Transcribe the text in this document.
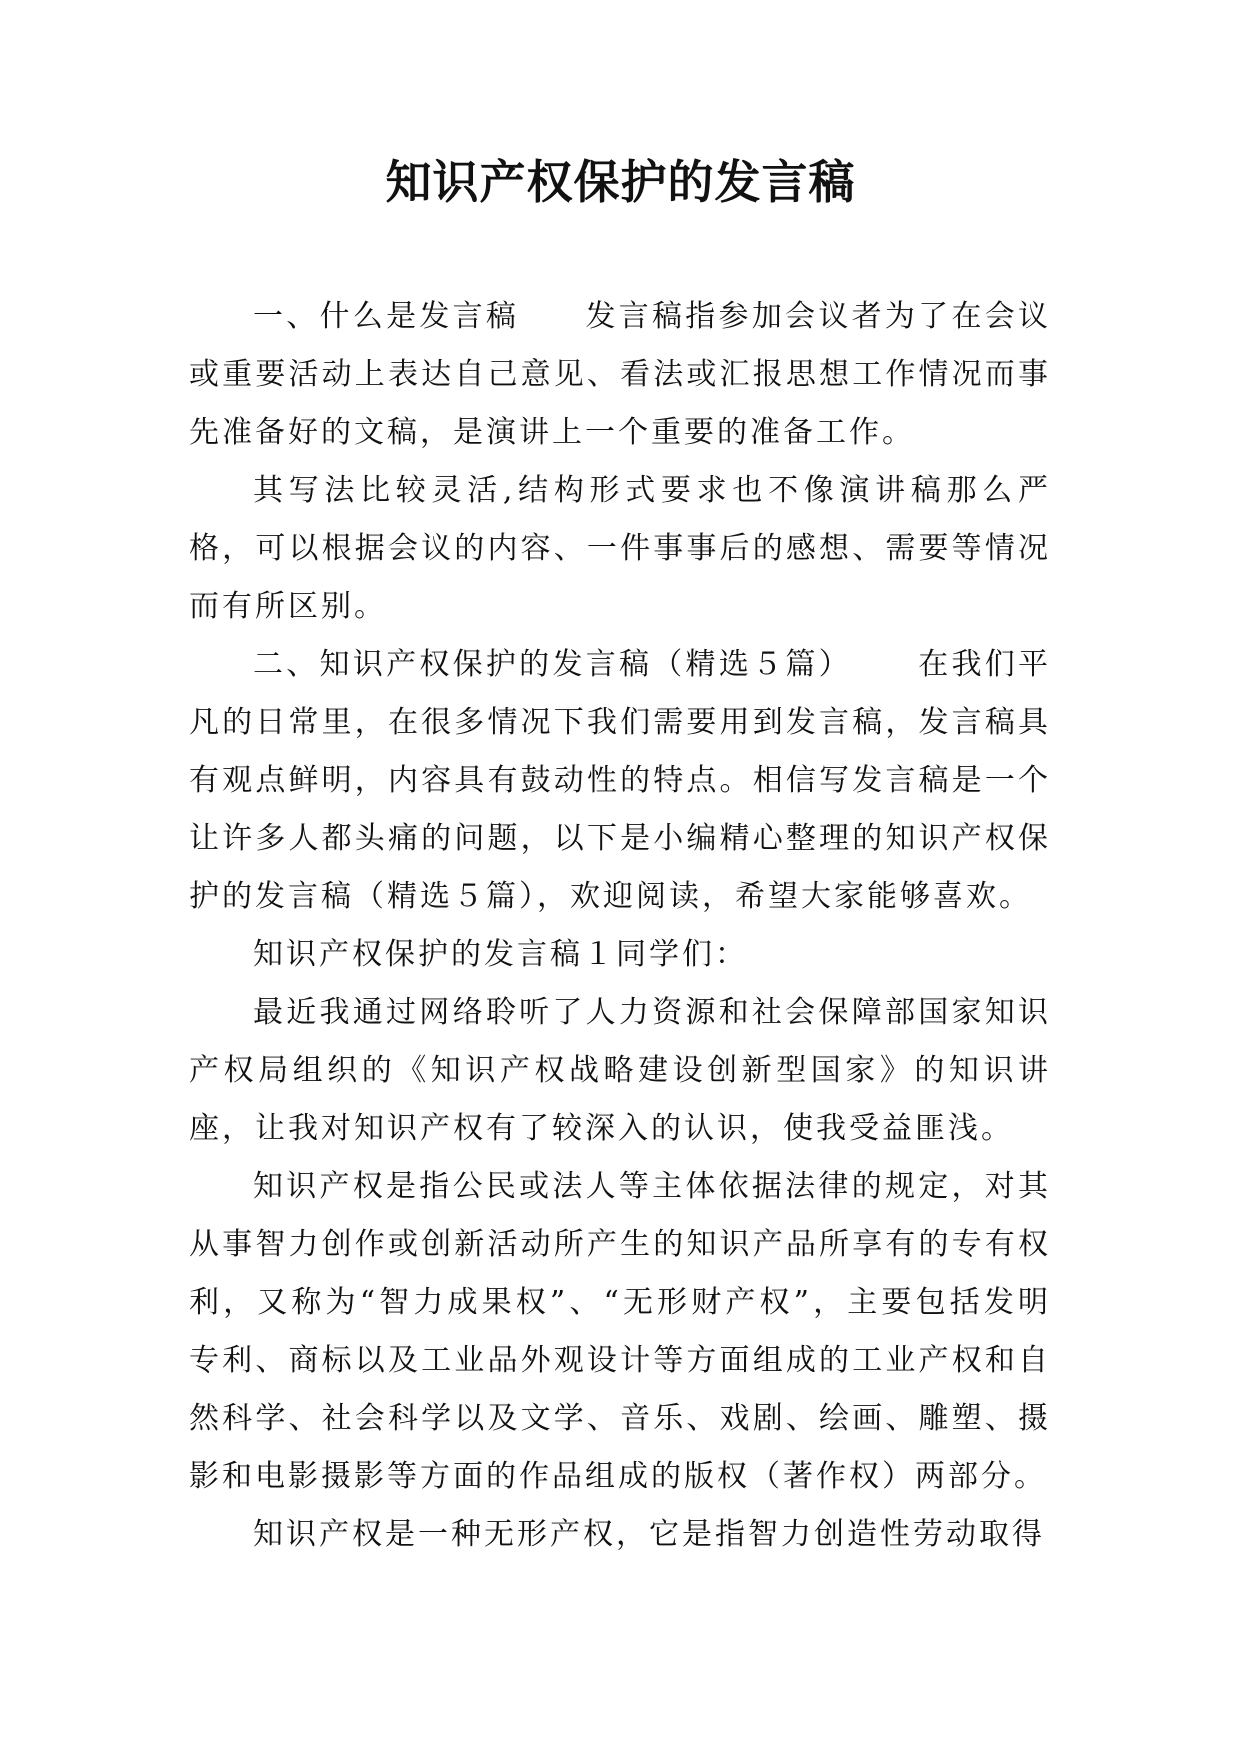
知识产权保护的发言稿

一、什么是发言稿 发言稿指参加会议者为了在会议或重要活动上表达自己意见、看法或汇报思想工作情况而事先准备好的文稿，是演讲上一个重要的准备工作。

其写法比较灵活,结构形式要求也不像演讲稿那么严格，可以根据会议的内容、一件事事后的感想、需要等情况而有所区别。

二、知识产权保护的发言稿（精选５篇） 在我们平凡的日常里，在很多情况下我们需要用到发言稿，发言稿具有观点鲜明，内容具有鼓动性的特点。相信写发言稿是一个让许多人都头痛的问题，以下是小编精心整理的知识产权保护的发言稿（精选５篇），欢迎阅读，希望大家能够喜欢。

知识产权保护的发言稿１同学们：

最近我通过网络聆听了人力资源和社会保障部国家知识产权局组织的《知识产权战略建设创新型国家》的知识讲座，让我对知识产权有了较深入的认识，使我受益匪浅。

知识产权是指公民或法人等主体依据法律的规定，对其从事智力创作或创新活动所产生的知识产品所享有的专有权利，又称为“智力成果权”、“无形财产权”，主要包括发明专利、商标以及工业品外观设计等方面组成的工业产权和自然科学、社会科学以及文学、音乐、戏剧、绘画、雕塑、摄影和电影摄影等方面的作品组成的版权（著作权）两部分。

知识产权是一种无形产权，它是指智力创造性劳动取得
